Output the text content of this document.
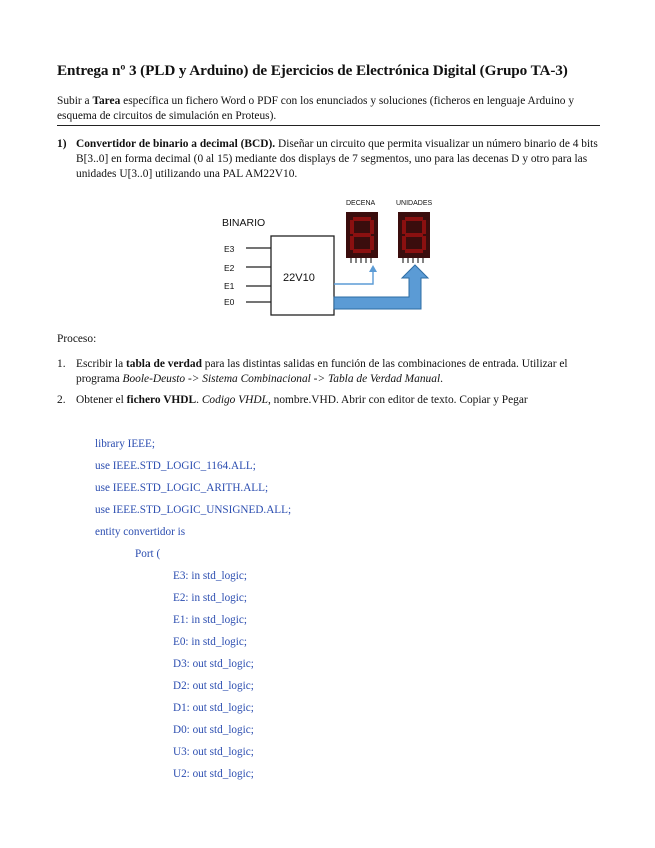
Entrega nº 3 (PLD y Arduino) de Ejercicios de Electrónica Digital (Grupo TA-3)
Subir a Tarea específica un fichero Word o PDF con los enunciados y soluciones (ficheros en lenguaje Arduino y esquema de circuitos de simulación en Proteus).
1) Convertidor de binario a decimal (BCD). Diseñar un circuito que permita visualizar un número binario de 4 bits B[3..0] en forma decimal (0 al 15) mediante dos displays de 7 segmentos, uno para las decenas D y otro para las unidades U[3..0] utilizando una PAL AM22V10.
BINARIO
22V10
E3
E2
E1
E0
DECENA	UNIDADES
Proceso:
1. Escribir la tabla de verdad para las distintas salidas en función de las combinaciones de entrada. Utilizar el programa Boole-Deusto -> Sistema Combinacional -> Tabla de Verdad Manual.
2. Obtener el fichero VHDL. Codigo VHDL, nombre.VHD. Abrir con editor de texto. Copiar y Pegar
library IEEE;
use IEEE.STD_LOGIC_1164.ALL;
use IEEE.STD_LOGIC_ARITH.ALL;
use IEEE.STD_LOGIC_UNSIGNED.ALL;
entity convertidor is
Port (
E3: in std_logic;
E2: in std_logic;
E1: in std_logic;
E0: in std_logic;
D3: out std_logic;
D2: out std_logic;
D1: out std_logic;
D0: out std_logic;
U3: out std_logic;
U2: out std_logic;
